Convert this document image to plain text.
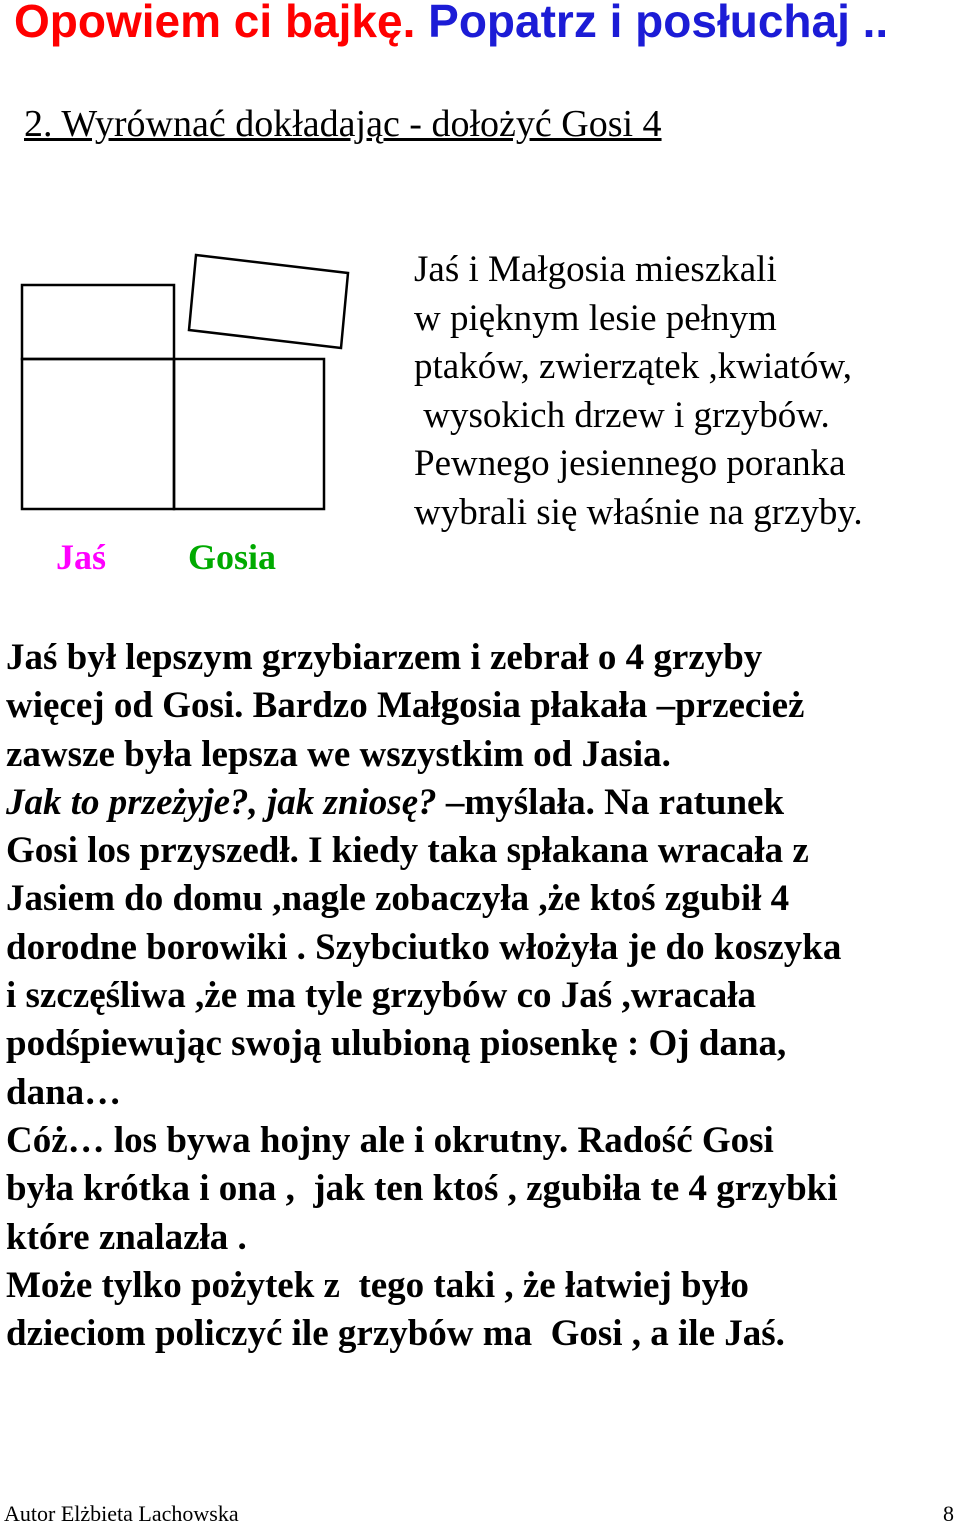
Opowiem ci bajkę. Popatrz i posłuchaj ..
2. Wyrównać dokładając - dołożyć Gosi 4
Jaś Gosia
Jaś i Małgosia mieszkali
w pięknym lesie pełnym
ptaków, zwierzątek ,kwiatów,
wysokich drzew i grzybów.
Pewnego jesiennego poranka
wybrali się właśnie na grzyby.
Jaś był lepszym grzybiarzem i zebrał o 4 grzyby
więcej od Gosi. Bardzo Małgosia płakała –przecież
zawsze była lepsza we wszystkim od Jasia.
Jak to przeżyje?, jak zniosę? –myślała. Na ratunek
Gosi los przyszedł. I kiedy taka spłakana wracała z
Jasiem do domu ,nagle zobaczyła ,że ktoś zgubił 4
dorodne borowiki . Szybciutko włożyła je do koszyka
i szczęśliwa ,że ma tyle grzybów co Jaś ,wracała
podśpiewując swoją ulubioną piosenkę : Oj dana,
dana…
Cóż… los bywa hojny ale i okrutny. Radość Gosi
była krótka i ona ,  jak ten ktoś , zgubiła te 4 grzybki
które znalazła .
Może tylko pożytek z  tego taki , że łatwiej było
dzieciom policzyć ile grzybów ma  Gosi , a ile Jaś.
Autor Elżbieta Lachowska	8
